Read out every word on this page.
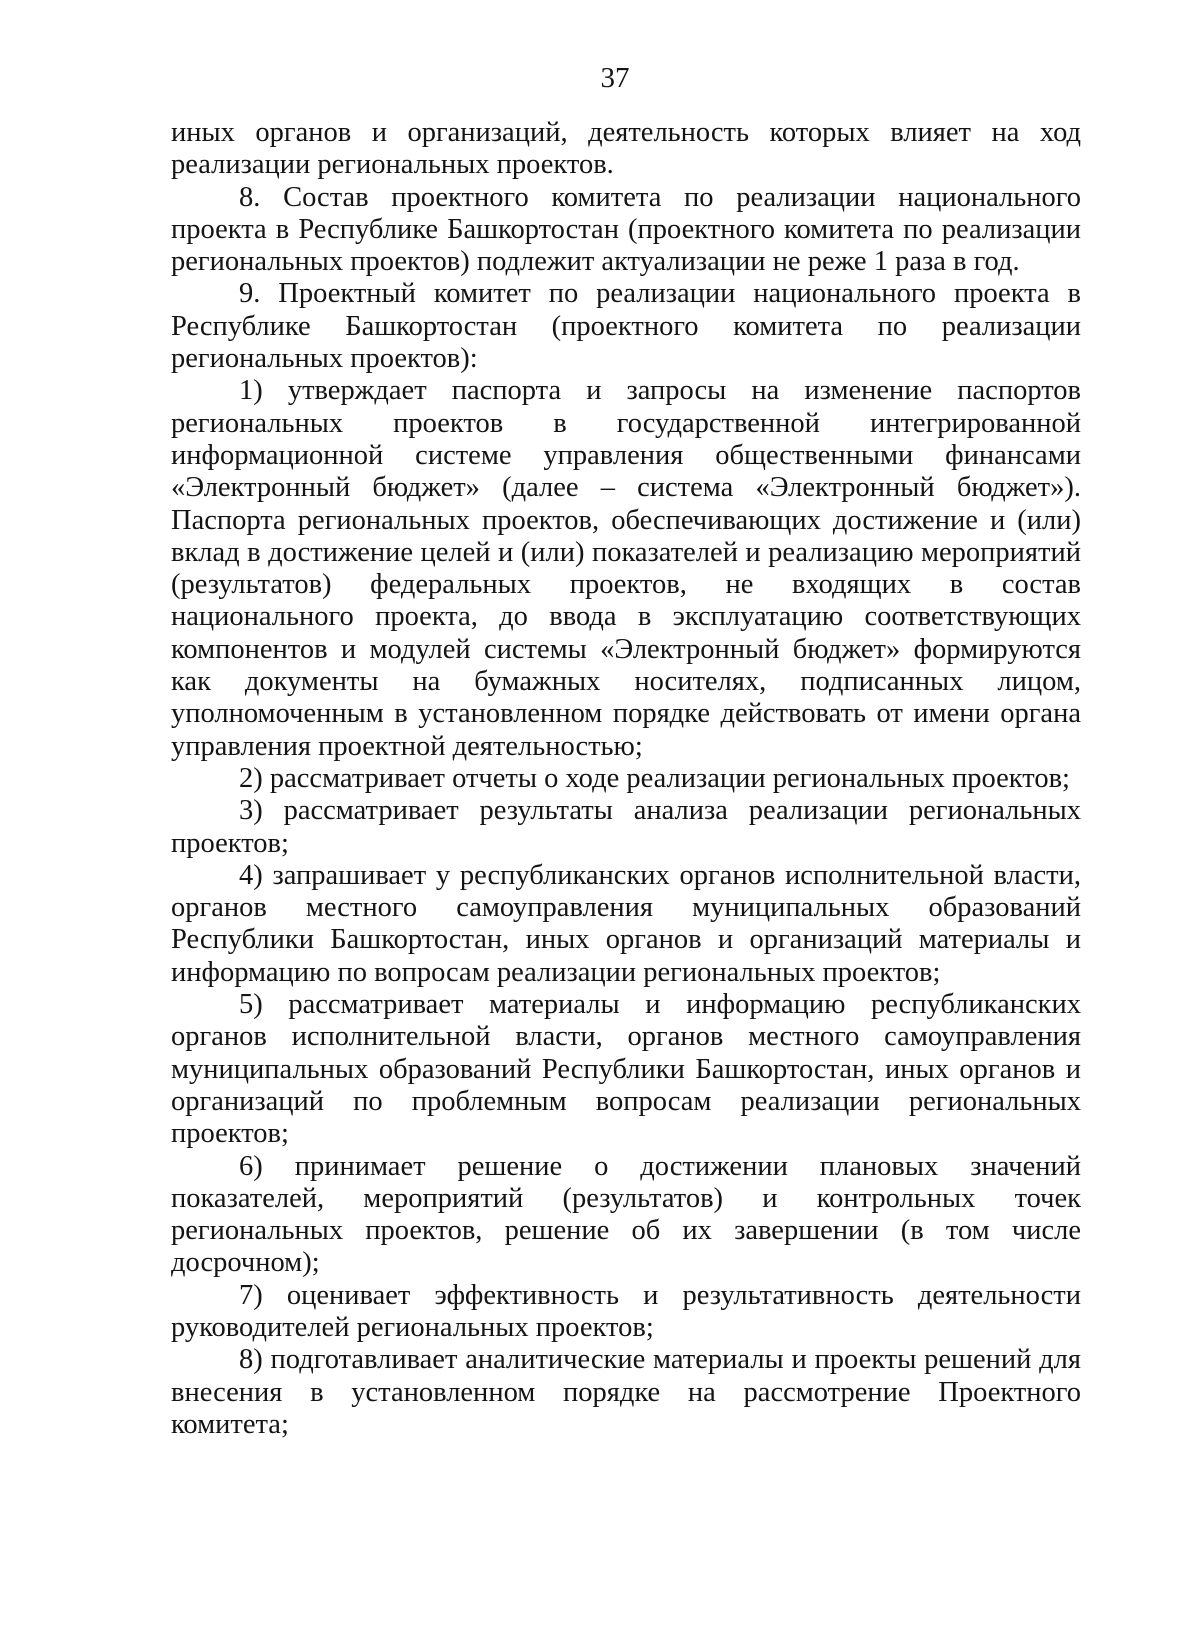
37

иных органов и организаций, деятельность которых влияет на ход реализации региональных проектов.

8. Состав проектного комитета по реализации национального проекта в Республике Башкортостан (проектного комитета по реализации региональных проектов) подлежит актуализации не реже 1 раза в год.

9. Проектный комитет по реализации национального проекта в Республике Башкортостан (проектного комитета по реализации региональных проектов):

1) утверждает паспорта и запросы на изменение паспортов региональных проектов в государственной интегрированной информационной системе управления общественными финансами «Электронный бюджет» (далее – система «Электронный бюджет»). Паспорта региональных проектов, обеспечивающих достижение и (или) вклад в достижение целей и (или) показателей и реализацию мероприятий (результатов) федеральных проектов, не входящих в состав национального проекта, до ввода в эксплуатацию соответствующих компонентов и модулей системы «Электронный бюджет» формируются как документы на бумажных носителях, подписанных лицом, уполномоченным в установленном порядке действовать от имени органа управления проектной деятельностью;

2) рассматривает отчеты о ходе реализации региональных проектов;

3) рассматривает результаты анализа реализации региональных проектов;

4) запрашивает у республиканских органов исполнительной власти, органов местного самоуправления муниципальных образований Республики Башкортостан, иных органов и организаций материалы и информацию по вопросам реализации региональных проектов;

5) рассматривает материалы и информацию республиканских органов исполнительной власти, органов местного самоуправления муниципальных образований Республики Башкортостан, иных органов и организаций по проблемным вопросам реализации региональных проектов;

6) принимает решение о достижении плановых значений показателей, мероприятий (результатов) и контрольных точек региональных проектов, решение об их завершении (в том числе досрочном);

7) оценивает эффективность и результативность деятельности руководителей региональных проектов;

8) подготавливает аналитические материалы и проекты решений для внесения в установленном порядке на рассмотрение Проектного комитета;
